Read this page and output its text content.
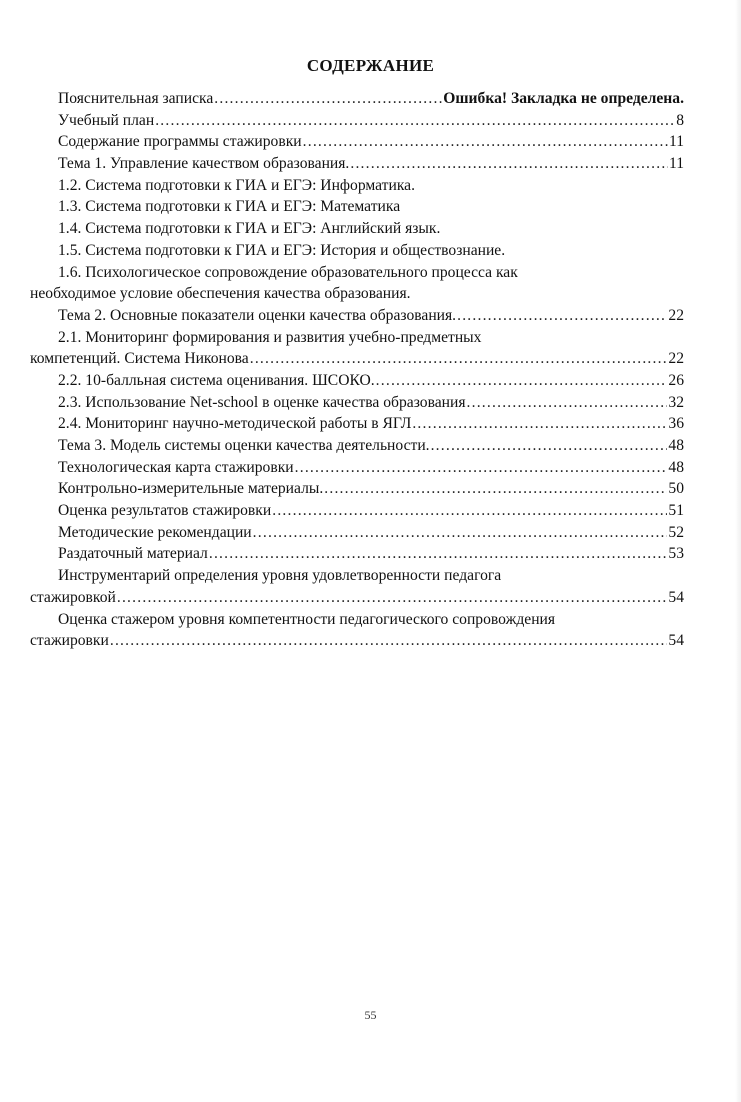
СОДЕРЖАНИЕ
Пояснительная записка .....	Ошибка! Закладка не определена.
Учебный план .....	8
Содержание программы стажировки .....	11
Тема 1. Управление качеством образования. .....	11
1.2. Система подготовки к ГИА и ЕГЭ: Информатика.
1.3. Система подготовки к ГИА и ЕГЭ: Математика
1.4. Система подготовки к ГИА и ЕГЭ: Английский язык.
1.5. Система подготовки к ГИА и ЕГЭ: История и обществознание.
1.6. Психологическое сопровождение образовательного процесса как
необходимое условие обеспечения качества образования.
Тема 2. Основные показатели оценки качества образования. .....	22
2.1. Мониторинг формирования и развития учебно-предметных
компетенций. Система Никонова .....	22
2.2. 10-балльная система оценивания. ШСОКО. .....	26
2.3. Использование Net-school в оценке качества образования .....	32
2.4. Мониторинг научно-методической работы в ЯГЛ .....	36
Тема 3. Модель системы оценки качества деятельности. .....	48
Технологическая карта стажировки .....	48
Контрольно-измерительные материалы. .....	50
Оценка результатов стажировки .....	51
Методические рекомендации .....	52
Раздаточный материал .....	53
Инструментарий определения уровня удовлетворенности педагога
стажировкой .....	54
Оценка стажером уровня компетентности педагогического сопровождения
стажировки .....	54
55
